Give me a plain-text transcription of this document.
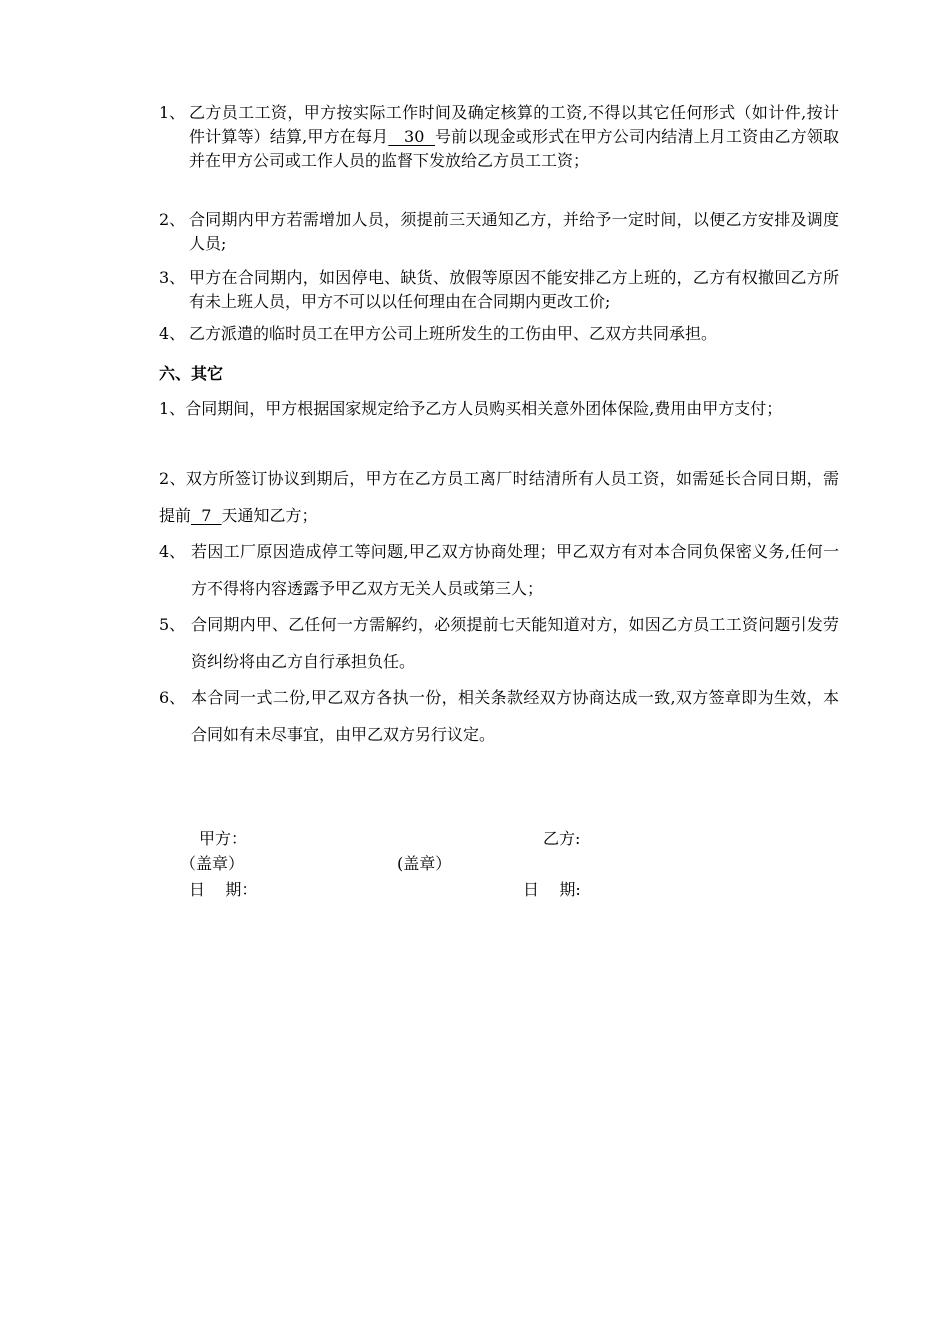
1、 乙方员工工资，甲方按实际工作时间及确定核算的工资,不得以其它任何形式（如计件,按计件计算等）结算,甲方在每月   30  号前以现金或形式在甲方公司内结清上月工资由乙方领取并在甲方公司或工作人员的监督下发放给乙方员工工资；
2、 合同期内甲方若需增加人员，须提前三天通知乙方，并给予一定时间，以便乙方安排及调度人员;
3、 甲方在合同期内，如因停电、缺货、放假等原因不能安排乙方上班的，乙方有权撤回乙方所有未上班人员，甲方不可以以任何理由在合同期内更改工价;
4、 乙方派遣的临时员工在甲方公司上班所发生的工伤由甲、乙双方共同承担。
六、其它
1、合同期间，甲方根据国家规定给予乙方人员购买相关意外团体保险,费用由甲方支付；
2、双方所签订协议到期后，甲方在乙方员工离厂时结清所有人员工资，如需延长合同日期，需提前  7  天通知乙方；
4、 若因工厂原因造成停工等问题,甲乙双方协商处理；甲乙双方有对本合同负保密义务,任何一方不得将内容透露予甲乙双方无关人员或第三人；
5、 合同期内甲、乙任何一方需解约，必须提前七天能知道对方，如因乙方员工工资问题引发劳资纠纷将由乙方自行承担负任。
6、 本合同一式二份,甲乙双方各执一份，相关条款经双方协商达成一致,双方签章即为生效，本合同如有未尽事宜，由甲乙双方另行议定。
甲方：	乙方:
（盖章）	(盖章）
日    期：	日    期:
